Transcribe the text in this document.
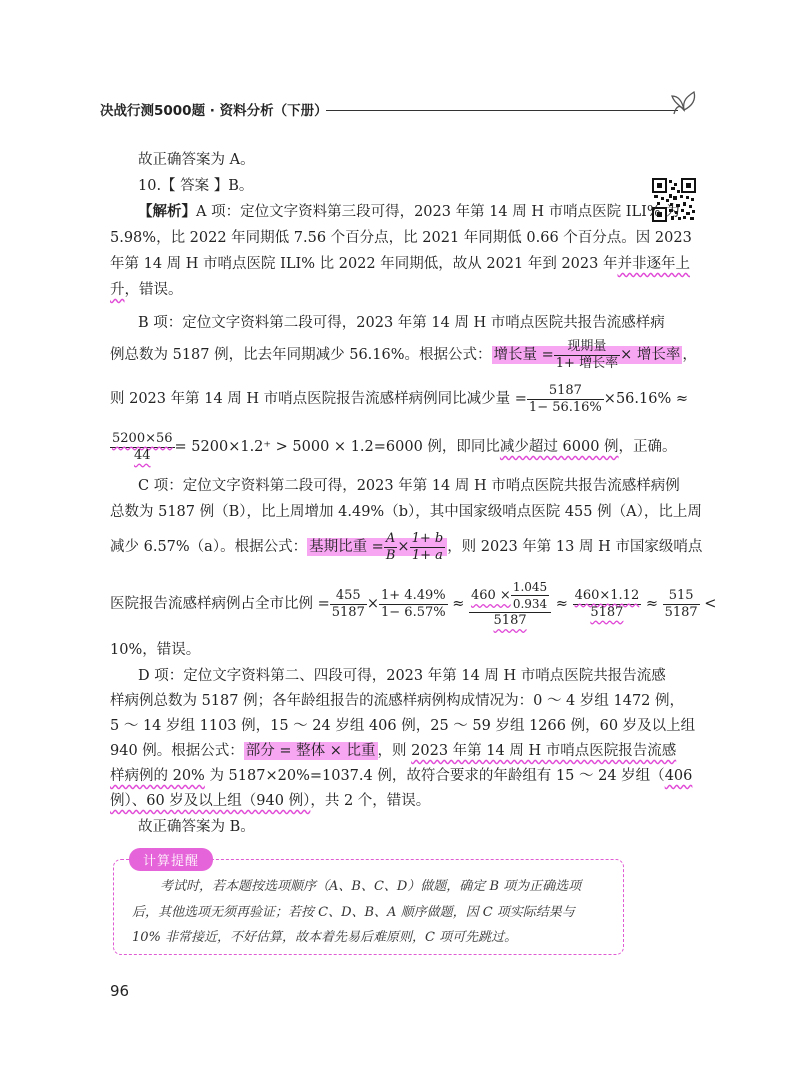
决战行测5000题 · 资料分析（下册）
故正确答案为 A。
10.【 答案 】B。
【解析】A 项：定位文字资料第三段可得，2023 年第 14 周 H 市哨点医院 ILI% 为
5.98%，比 2022 年同期低 7.56 个百分点，比 2021 年同期低 0.66 个百分点。因 2023
年第 14 周 H 市哨点医院 ILI% 比 2022 年同期低，故从 2021 年到 2023 年并非逐年上
升，错误。
B 项：定位文字资料第二段可得，2023 年第 14 周 H 市哨点医院共报告流感样病
例总数为 5187 例，比去年同期减少 56.16%。根据公式： 增长量 = $\frac{\text{现期量}}{\text{1+ 增长率}}$ × 增长率 ，
则 2023 年第 14 周 H 市哨点医院报告流感样病例同比减少量 = $\frac{5187}{1- 56.16\%} \times 56.16\%$ ≈
$\frac{5200\times 56}{44} = 5200\times 1.2^+ > 5000 \times 1.2=6000$ 例，即同比减少超过 6000 例，正确。
C 项：定位文字资料第二段可得，2023 年第 14 周 H 市哨点医院共报告流感样病例
总数为 5187 例（B），比上周增加 4.49%（b），其中国家级哨点医院 455 例（A），比上周
减少 6.57%（a）。根据公式： 基期比重 = $\frac{A}{B} \times \frac{1+ b}{1+ a}$ ，则 2023 年第 13 周 H 市国家级哨点
医院报告流感样病例占全市比例 = $\frac{455}{5187} \times \frac{1+ 4.49\%}{1- 6.57\%} \approx \frac{460 \times \frac{1.045}{0.934}}{5187} \approx \frac{460\times 1.12}{5187} \approx \frac{515}{5187}$ <
10%，错误。
D 项：定位文字资料第二、四段可得，2023 年第 14 周 H 市哨点医院共报告流感
样病例总数为 5187 例；各年龄组报告的流感样病例构成情况为：0 ～ 4 岁组 1472 例，
5 ～ 14 岁组 1103 例，15 ～ 24 岁组 406 例，25 ～ 59 岁组 1266 例，60 岁及以上组
940 例。根据公式： 部分 = 整体 × 比重 ，则 2023 年第 14 周 H 市哨点医院报告流感
样病例的 20% 为 5187×20%=1037.4 例，故符合要求的年龄组有 15 ～ 24 岁组（406
例）、60 岁及以上组（940 例），共 2 个，错误。
故正确答案为 B。
计算提醒
考试时，若本题按选项顺序（A、B、C、D）做题，确定 B 项为正确选项
后，其他选项无须再验证；若按 C、D、B、A 顺序做题，因 C 项实际结果与
10% 非常接近，不好估算，故本着先易后难原则，C 项可先跳过。
96
